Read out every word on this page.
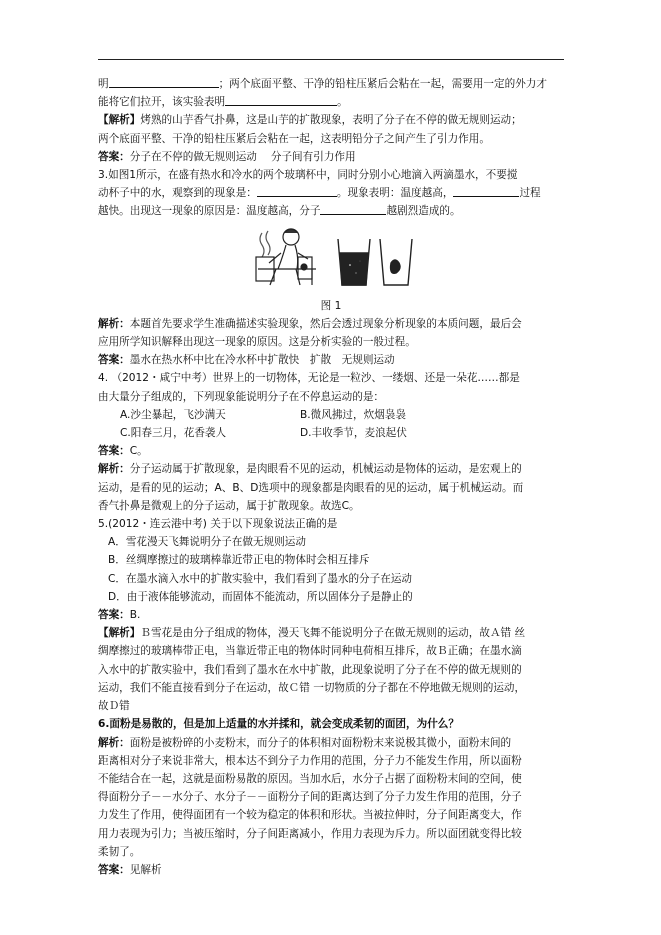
明	；两个底面平整、干净的铅柱压紧后会粘在一起，需要用一定的外力才

能将它们拉开，该实验表明	。

【解析】烤熟的山芋香气扑鼻，这是山芋的扩散现象，表明了分子在不停的做无规则运动；

两个底面平整、干净的铅柱压紧后会粘在一起，这表明铅分子之间产生了引力作用。

答案：分子在不停的做无规则运动　 分子间有引力作用

3.如图1所示，在盛有热水和冷水的两个玻璃杯中，同时分别小心地滴入两滴墨水，不要搅

动杯子中的水，观察到的现象是：	。现象表明：温度越高，	过程

越快。出现这一现象的原因是：温度越高，分子	越剧烈造成的。

图 1

解析：本题首先要求学生准确描述实验现象，然后会透过现象分析现象的本质问题，最后会

应用所学知识解释出现这一现象的原因。这是分析实验的一般过程。

答案：墨水在热水杯中比在冷水杯中扩散快　扩散　无规则运动

4. （2012・咸宁中考）世界上的一切物体，无论是一粒沙、一缕烟、还是一朵花……都是

由大量分子组成的，下列现象能说明分子在不停息运动的是：

A.沙尘暴起，飞沙满天	B.微风拂过，炊烟袅袅
C.阳春三月，花香袭人	D.丰收季节，麦浪起伏

答案：C。

解析：分子运动属于扩散现象，是肉眼看不见的运动，机械运动是物体的运动，是宏观上的

运动，是看的见的运动；A、B、D选项中的现象都是肉眼看的见的运动，属于机械运动。而

香气扑鼻是微观上的分子运动，属于扩散现象。故选C。

5.(2012・连云港中考) 关于以下现象说法正确的是

A．雪花漫天飞舞说明分子在做无规则运动

B．丝绸摩擦过的玻璃棒靠近带正电的物体时会相互排斥

C．在墨水滴入水中的扩散实验中，我们看到了墨水的分子在运动

D．由于液体能够流动，而固体不能流动，所以固体分子是静止的

答案：B.

【解析】Ｂ雪花是由分子组成的物体，漫天飞舞不能说明分子在做无规则的运动，故Ａ错 丝

绸摩擦过的玻璃棒带正电，当靠近带正电的物体时同种电荷相互排斥，故Ｂ正确；在墨水滴

入水中的扩散实验中，我们看到了墨水在水中扩散，此现象说明了分子在不停的做无规则的

运动，我们不能直接看到分子在运动，故Ｃ错 一切物质的分子都在不停地做无规则的运动，

故Ｄ错

6.面粉是易散的，但是加上适量的水并揉和，就会变成柔韧的面团，为什么？

解析：面粉是被粉碎的小麦粉末，而分子的体积相对面粉粉末来说极其微小，面粉末间的

距离相对分子来说非常大，根本达不到分子力作用的范围，分子力不能发生作用，所以面粉

不能结合在一起，这就是面粉易散的原因。当加水后，水分子占据了面粉粉末间的空间，使

得面粉分子－－水分子、水分子－－面粉分子间的距离达到了分子力发生作用的范围，分子

力发生了作用，使得面团有一个较为稳定的体积和形状。当被拉伸时，分子间距离变大，作

用力表现为引力；当被压缩时，分子间距离减小，作用力表现为斥力。所以面团就变得比较

柔韧了。

答案：见解析
